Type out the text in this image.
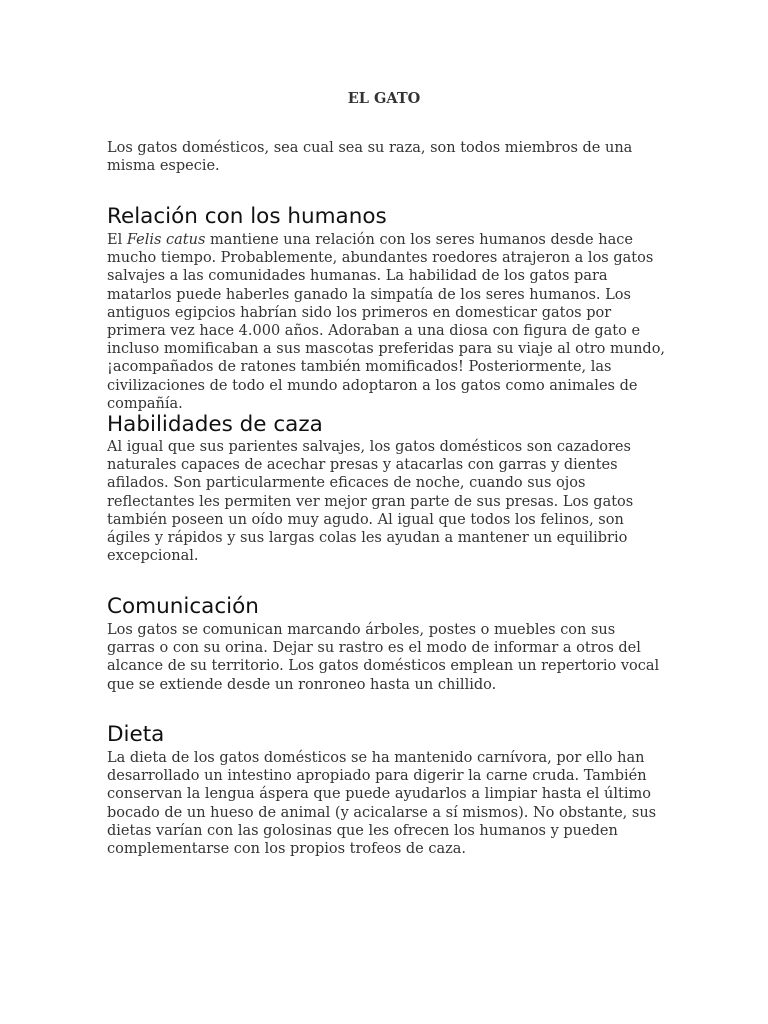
EL GATO

Los gatos domésticos, sea cual sea su raza, son todos miembros de una misma especie.

Relación con los humanos

El Felis catus mantiene una relación con los seres humanos desde hace mucho tiempo. Probablemente, abundantes roedores atrajeron a los gatos salvajes a las comunidades humanas. La habilidad de los gatos para matarlos puede haberles ganado la simpatía de los seres humanos. Los antiguos egipcios habrían sido los primeros en domesticar gatos por primera vez hace 4.000 años. Adoraban a una diosa con figura de gato e incluso momificaban a sus mascotas preferidas para su viaje al otro mundo, ¡acompañados de ratones también momificados! Posteriormente, las civilizaciones de todo el mundo adoptaron a los gatos como animales de compañía.

Habilidades de caza

Al igual que sus parientes salvajes, los gatos domésticos son cazadores naturales capaces de acechar presas y atacarlas con garras y dientes afilados. Son particularmente eficaces de noche, cuando sus ojos reflectantes les permiten ver mejor gran parte de sus presas. Los gatos también poseen un oído muy agudo. Al igual que todos los felinos, son ágiles y rápidos y sus largas colas les ayudan a mantener un equilibrio excepcional.

Comunicación

Los gatos se comunican marcando árboles, postes o muebles con sus garras o con su orina. Dejar su rastro es el modo de informar a otros del alcance de su territorio. Los gatos domésticos emplean un repertorio vocal que se extiende desde un ronroneo hasta un chillido.

Dieta

La dieta de los gatos domésticos se ha mantenido carnívora, por ello han desarrollado un intestino apropiado para digerir la carne cruda. También conservan la lengua áspera que puede ayudarlos a limpiar hasta el último bocado de un hueso de animal (y acicalarse a sí mismos). No obstante, sus dietas varían con las golosinas que les ofrecen los humanos y pueden complementarse con los propios trofeos de caza.
